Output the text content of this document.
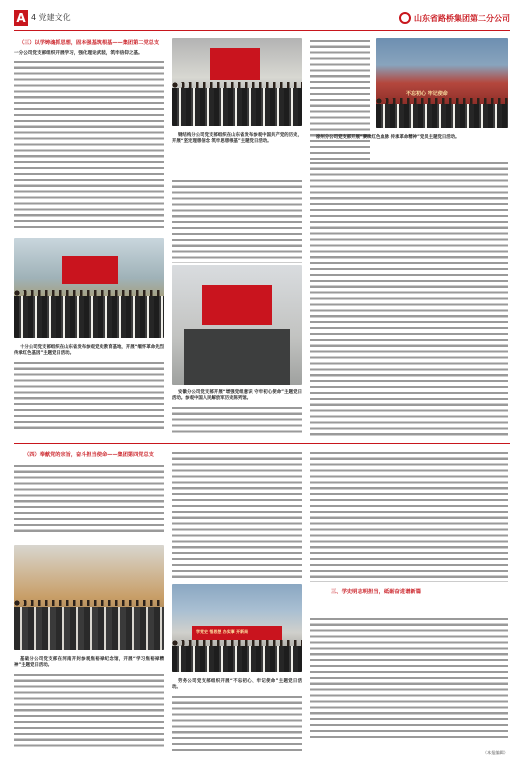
A 4 党建文化	山东省路桥集团第二分公司
（三）以学铸魂抓思想，固本强基筑根基——集团第二党总支
一分公司党支部组织开展学习，强化理论武装，筑牢信仰之基。
十分公司党支部组织在山东省发布参观党史教育基地，开展“缅怀革命先烈 传承红色基因”主题党日活动。
钢结构分公司党支部组织在山东省发布参观中国共产党的历史，开展“坚定理想信念 筑牢思想根基”主题党日活动。
安徽分公司党支部开展“增强党组意识 守牢初心使命”主题党日活动。参观中国人民解放军历史陈列馆。
不忘初心 牢记使命
徐州分公司党支部开展“赓续红色血脉 传承革命精神”党员主题党日活动。
（四）奉献党的宗旨，奋斗担当使命——集团第四党总支
基础分公司党支部在河南开封参观焦裕禄纪念馆，开展“学习焦裕禄精神”主题党日活动。
学党史 悟思想 办实事 开新局
劳务公司党支部组织开展“不忘初心、牢记使命”主题党日活动。
三、学史明志明担当，砥砺奋进谱新篇
（本报编辑）
